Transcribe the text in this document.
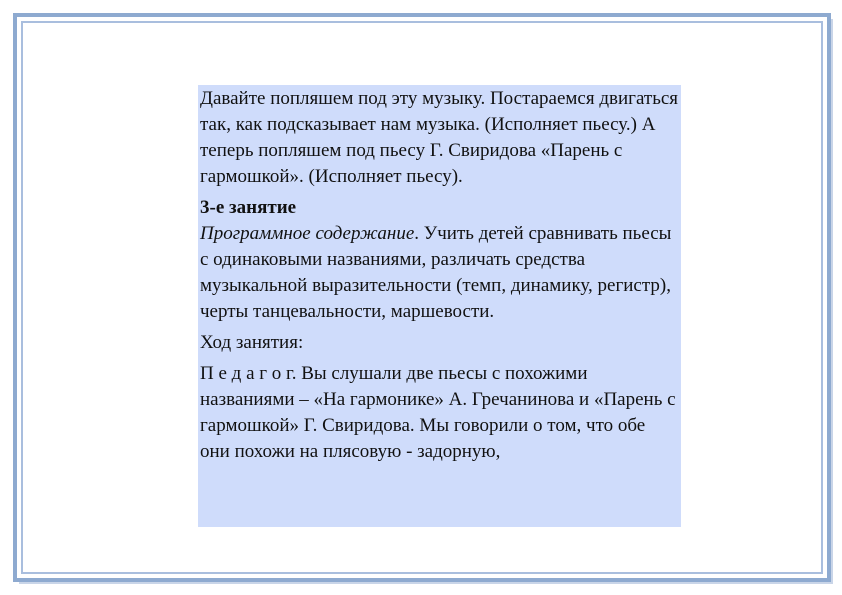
Давайте попляшем под эту музыку. Постараемся двигаться так, как подсказывает нам музыка. (Исполняет пьесу.) А теперь попляшем под пьесу Г. Свиридова «Парень с гармошкой». (Исполняет пьесу).

3-е занятие

Программное содержание. Учить детей сравнивать пьесы с одинаковыми названиями, различать средства музыкальной выразительности (темп, динамику, регистр), черты танцевальности, маршевости.

Ход занятия:

П е д а г о г. Вы слушали две пьесы с похожими названиями – «На гармонике» А. Гречанинова и «Парень с гармошкой» Г. Свиридова. Мы говорили о том, что обе они похожи на плясовую - задорную,
